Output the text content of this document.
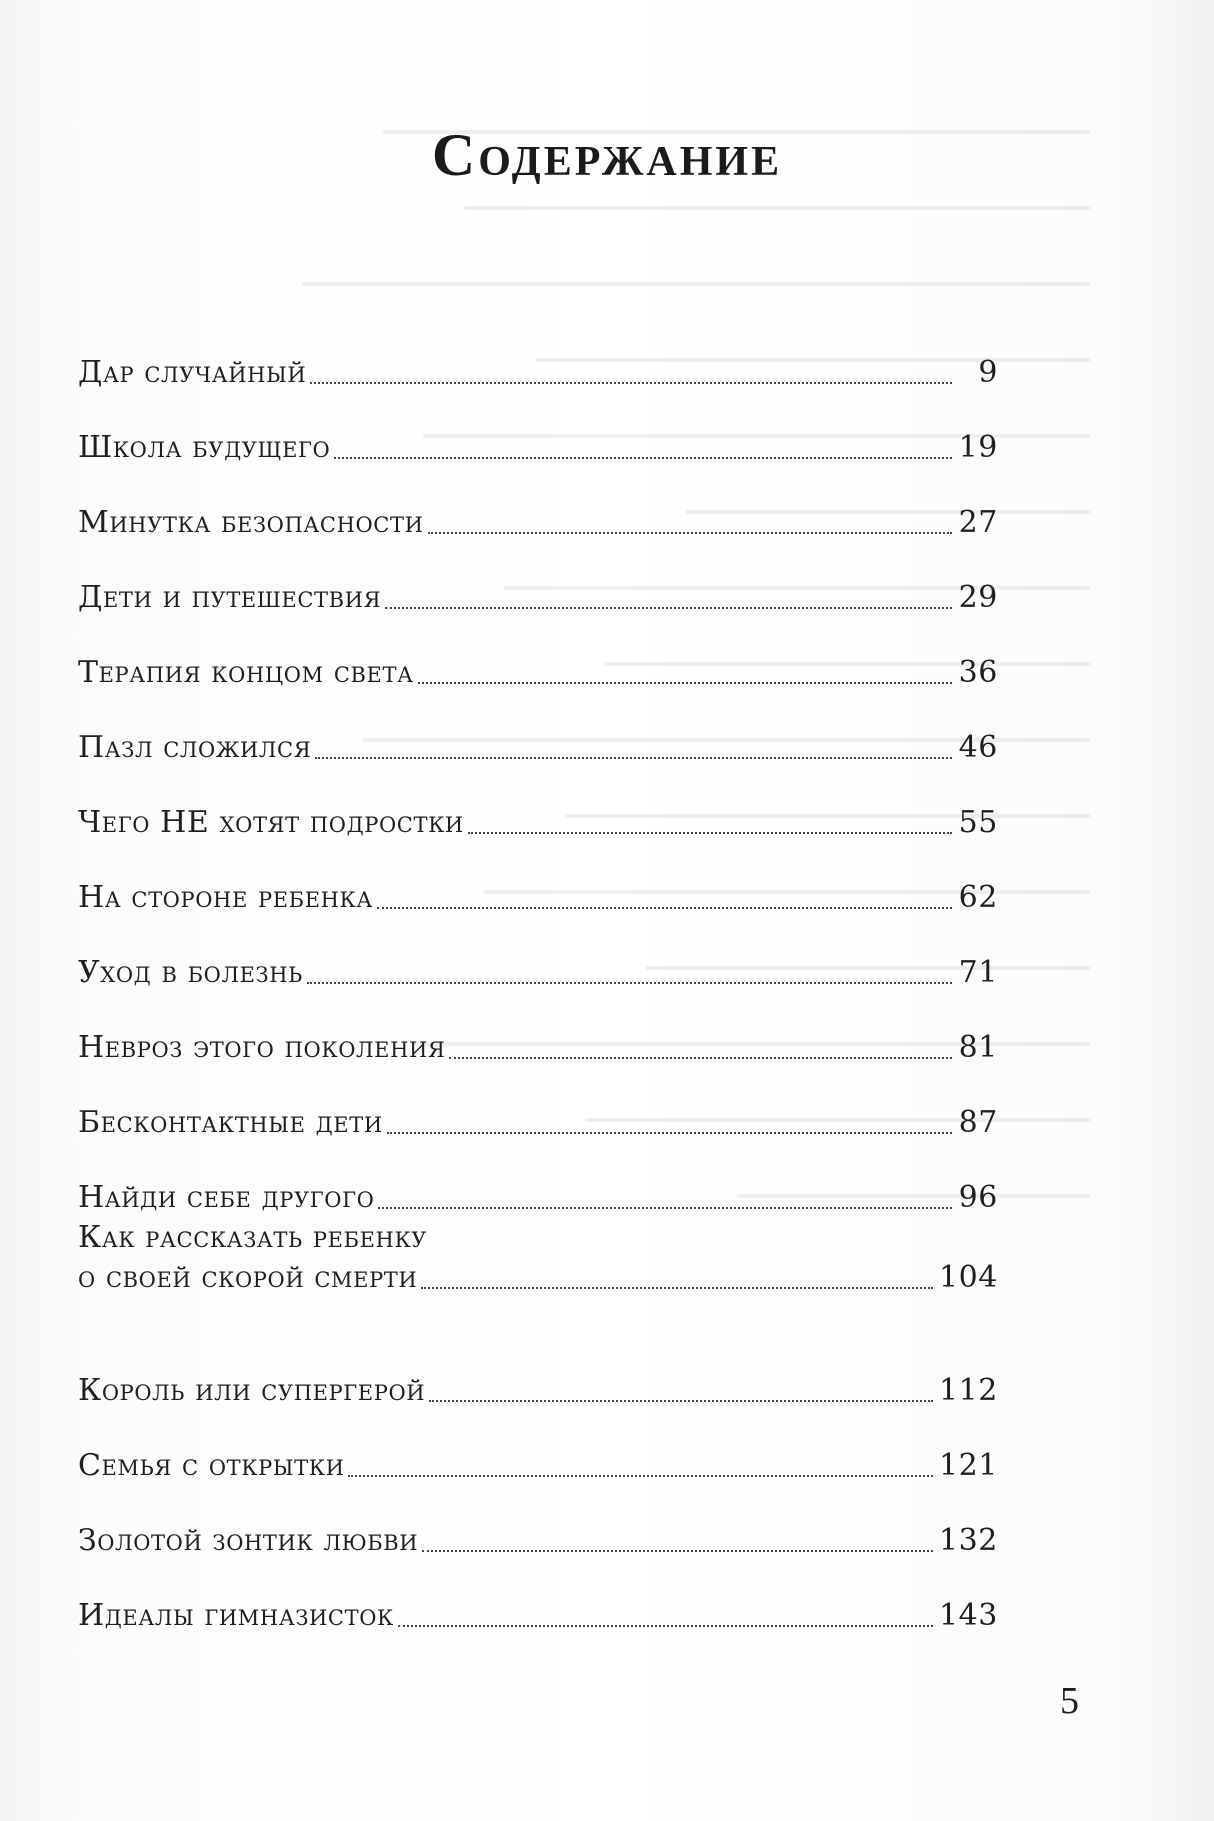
Содержание
Дар случайный	9
Школа будущего	19
Минутка безопасности	27
Дети и путешествия	29
Терапия концом света	36
Пазл сложился	46
Чего НЕ хотят подростки	55
На стороне ребенка	62
Уход в болезнь	71
Невроз этого поколения	81
Бесконтактные дети	87
Найди себе другого	96
Как рассказать ребенку
о своей скорой смерти	104
Король или супергерой	112
Семья с открытки	121
Золотой зонтик любви	132
Идеалы гимназисток	143

5
